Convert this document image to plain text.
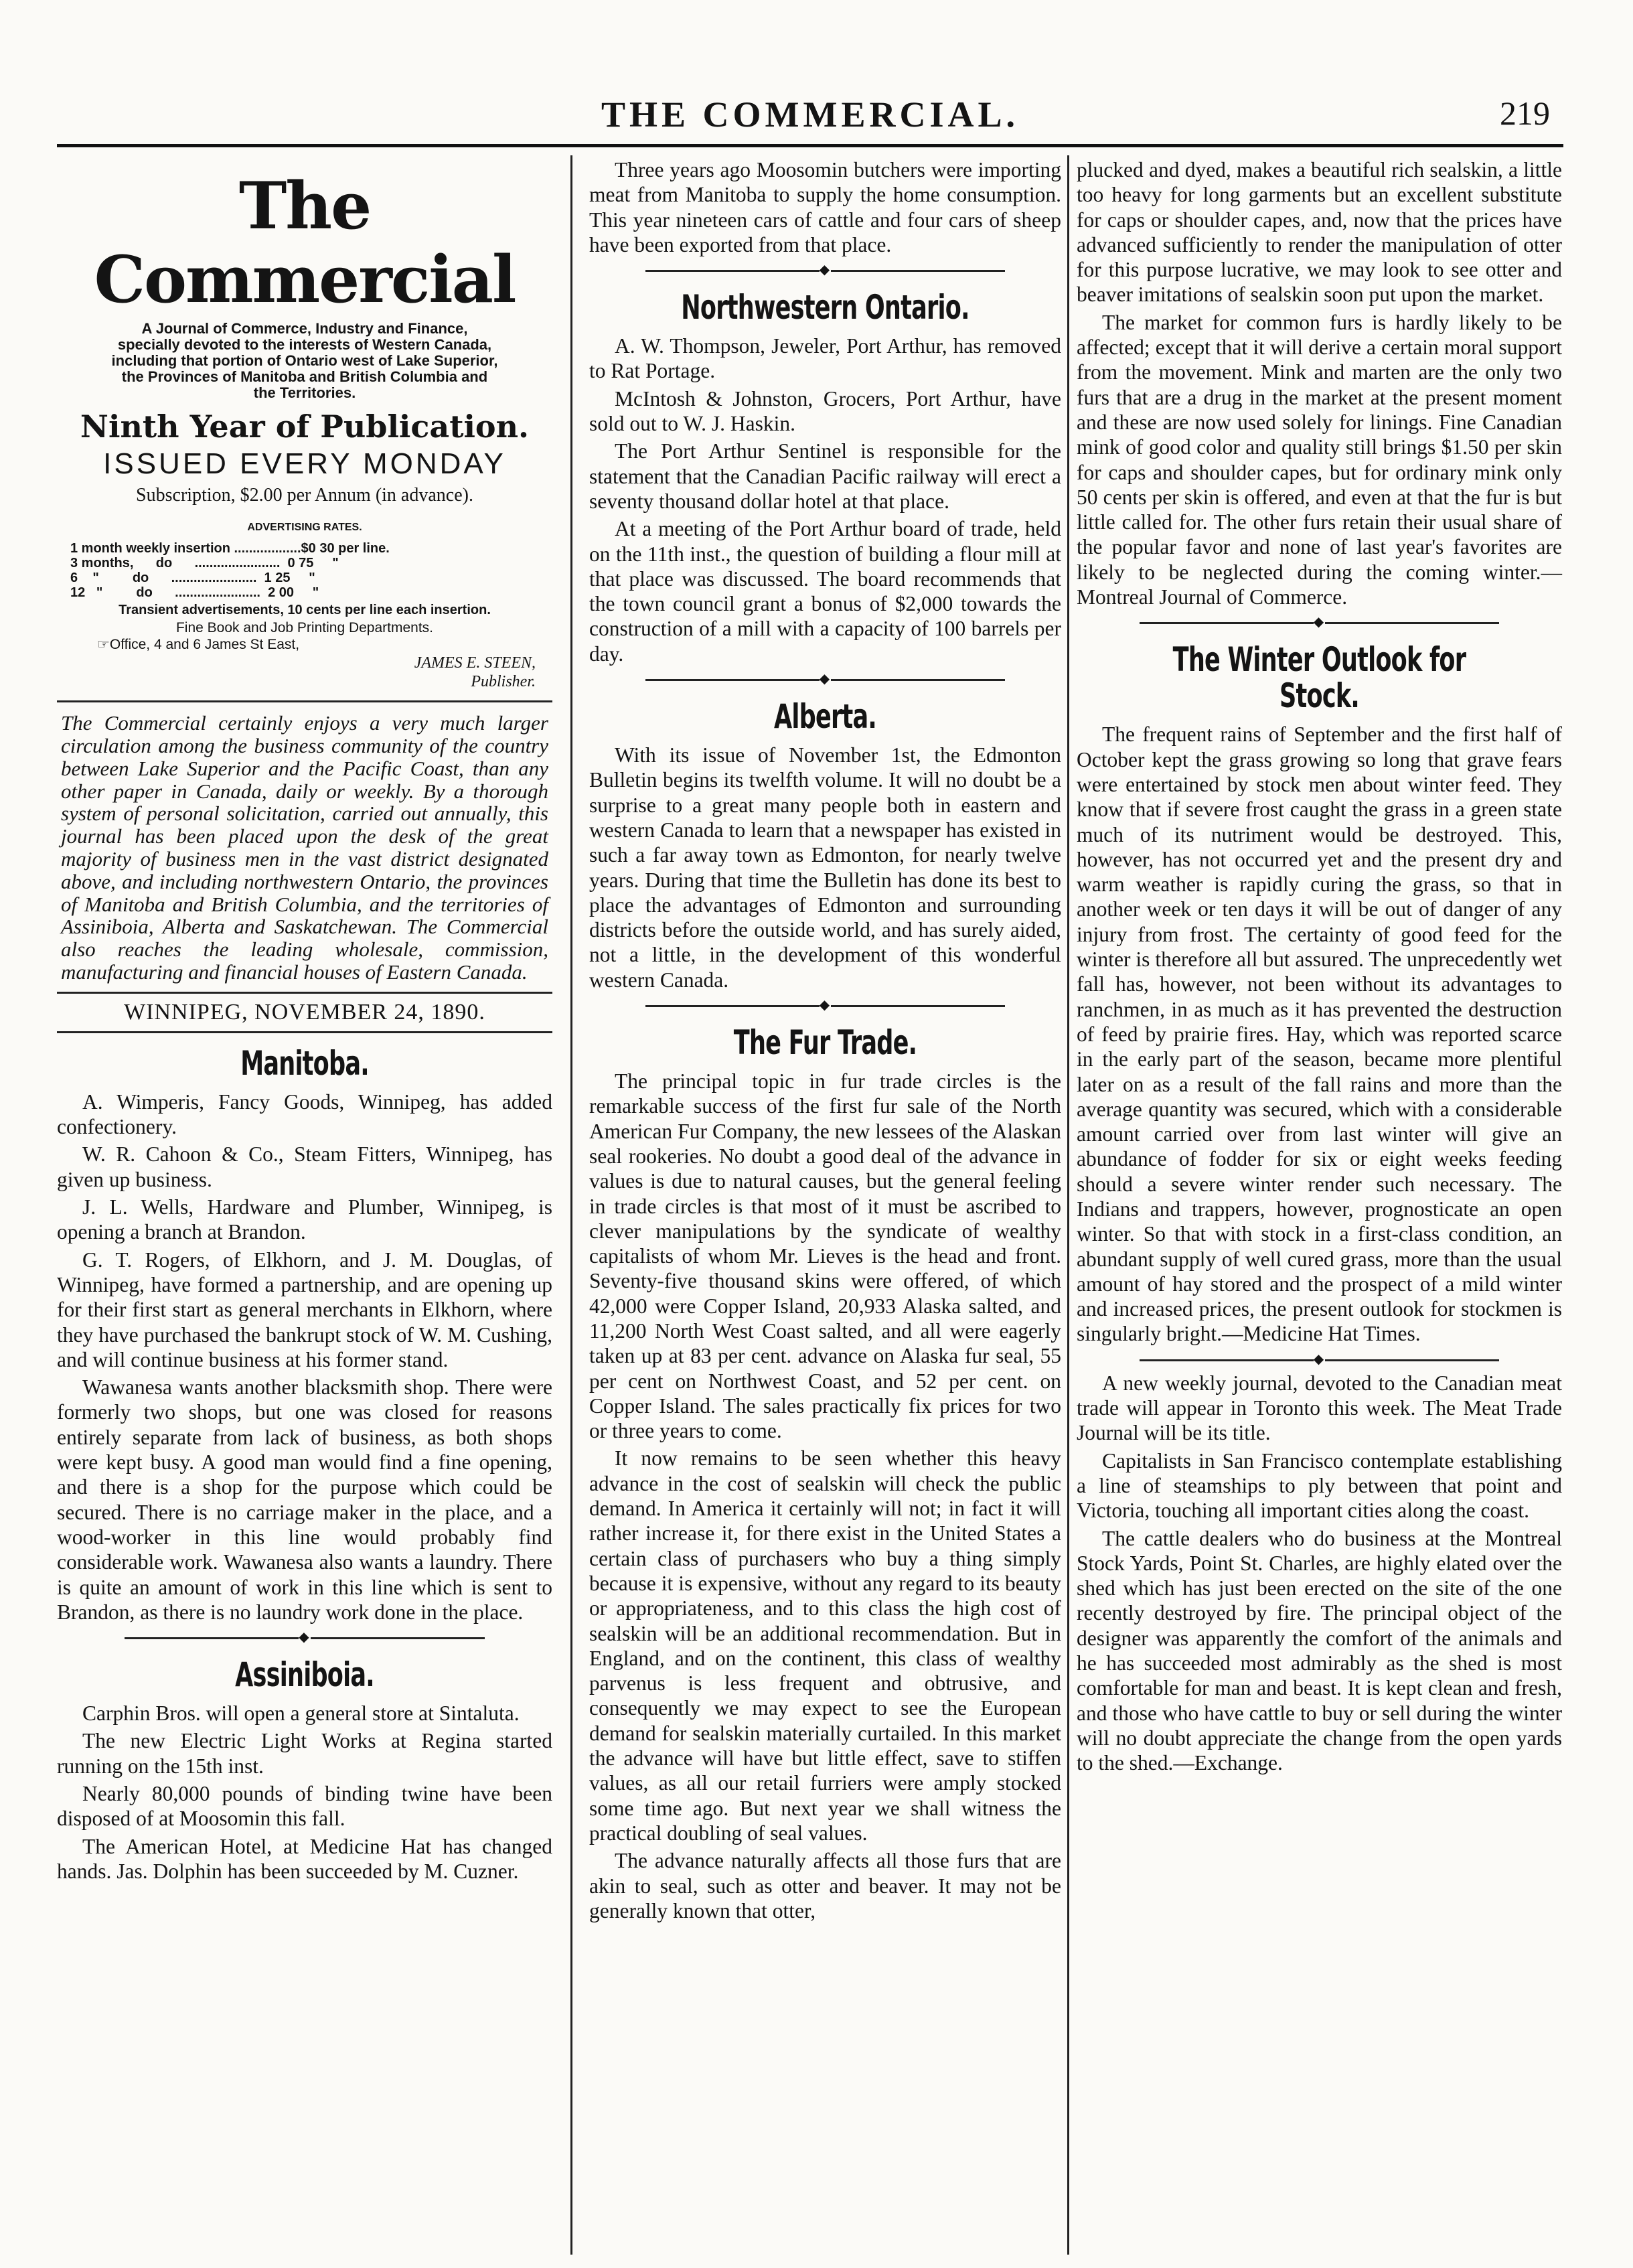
THE COMMERCIAL.	219
The Commercial
A Journal of Commerce, Industry and Finance, specially devoted to the interests of Western Canada, including that portion of Ontario west of Lake Superior, the Provinces of Manitoba and British Columbia and the Territories.
Ninth Year of Publication.
ISSUED EVERY MONDAY
Subscription, $2.00 per Annum (in advance).
ADVERTISING RATES.
1 month weekly insertion ..................$0 30 per line.
3 months,      do      .......................  0 75     "
6    "         do      .......................  1 25     "
12   "         do      .......................  2 00     "
Transient advertisements, 10 cents per line each insertion.
Fine Book and Job Printing Departments.
☞Office, 4 and 6 James St East,
JAMES E. STEEN,
Publisher.
The Commercial certainly enjoys a very much larger circulation among the business community of the country between Lake Superior and the Pacific Coast, than any other paper in Canada, daily or weekly. By a thorough system of personal solicitation, carried out annually, this journal has been placed upon the desk of the great majority of business men in the vast district designated above, and including northwestern Ontario, the provinces of Manitoba and British Columbia, and the territories of Assiniboia, Alberta and Saskatchewan. The Commercial also reaches the leading wholesale, commission, manufacturing and financial houses of Eastern Canada.
WINNIPEG, NOVEMBER 24, 1890.
Manitoba.

A. Wimperis, Fancy Goods, Winnipeg, has added confectionery.

W. R. Cahoon & Co., Steam Fitters, Winnipeg, has given up business.

J. L. Wells, Hardware and Plumber, Winnipeg, is opening a branch at Brandon.

G. T. Rogers, of Elkhorn, and J. M. Douglas, of Winnipeg, have formed a partnership, and are opening up for their first start as general merchants in Elkhorn, where they have purchased the bankrupt stock of W. M. Cushing, and will continue business at his former stand.

Wawanesa wants another blacksmith shop. There were formerly two shops, but one was closed for reasons entirely separate from lack of business, as both shops were kept busy. A good man would find a fine opening, and there is a shop for the purpose which could be secured. There is no carriage maker in the place, and a wood-worker in this line would probably find considerable work. Wawanesa also wants a laundry. There is quite an amount of work in this line which is sent to Brandon, as there is no laundry work done in the place.

◆
Assiniboia.

Carphin Bros. will open a general store at Sintaluta.

The new Electric Light Works at Regina started running on the 15th inst.

Nearly 80,000 pounds of binding twine have been disposed of at Moosomin this fall.

The American Hotel, at Medicine Hat has changed hands. Jas. Dolphin has been succeeded by M. Cuzner.

Three years ago Moosomin butchers were importing meat from Manitoba to supply the home consumption. This year nineteen cars of cattle and four cars of sheep have been exported from that place.

◆
Northwestern Ontario.

A. W. Thompson, Jeweler, Port Arthur, has removed to Rat Portage.

McIntosh & Johnston, Grocers, Port Arthur, have sold out to W. J. Haskin.

The Port Arthur Sentinel is responsible for the statement that the Canadian Pacific railway will erect a seventy thousand dollar hotel at that place.

At a meeting of the Port Arthur board of trade, held on the 11th inst., the question of building a flour mill at that place was discussed. The board recommends that the town council grant a bonus of $2,000 towards the construction of a mill with a capacity of 100 barrels per day.

◆
Alberta.

With its issue of November 1st, the Edmonton Bulletin begins its twelfth volume. It will no doubt be a surprise to a great many people both in eastern and western Canada to learn that a newspaper has existed in such a far away town as Edmonton, for nearly twelve years. During that time the Bulletin has done its best to place the advantages of Edmonton and surrounding districts before the outside world, and has surely aided, not a little, in the development of this wonderful western Canada.

◆
The Fur Trade.

The principal topic in fur trade circles is the remarkable success of the first fur sale of the North American Fur Company, the new lessees of the Alaskan seal rookeries. No doubt a good deal of the advance in values is due to natural causes, but the general feeling in trade circles is that most of it must be ascribed to clever manipulations by the syndicate of wealthy capitalists of whom Mr. Lieves is the head and front. Seventy-five thousand skins were offered, of which 42,000 were Copper Island, 20,933 Alaska salted, and 11,200 North West Coast salted, and all were eagerly taken up at 83 per cent. advance on Alaska fur seal, 55 per cent on Northwest Coast, and 52 per cent. on Copper Island. The sales practically fix prices for two or three years to come.

It now remains to be seen whether this heavy advance in the cost of sealskin will check the public demand. In America it certainly will not; in fact it will rather increase it, for there exist in the United States a certain class of purchasers who buy a thing simply because it is expensive, without any regard to its beauty or appropriateness, and to this class the high cost of sealskin will be an additional recommendation. But in England, and on the continent, this class of wealthy parvenus is less frequent and obtrusive, and consequently we may expect to see the European demand for sealskin materially curtailed. In this market the advance will have but little effect, save to stiffen values, as all our retail furriers were amply stocked some time ago. But next year we shall witness the practical doubling of seal values.

The advance naturally affects all those furs that are akin to seal, such as otter and beaver. It may not be generally known that otter,

plucked and dyed, makes a beautiful rich sealskin, a little too heavy for long garments but an excellent substitute for caps or shoulder capes, and, now that the prices have advanced sufficiently to render the manipulation of otter for this purpose lucrative, we may look to see otter and beaver imitations of sealskin soon put upon the market.

The market for common furs is hardly likely to be affected; except that it will derive a certain moral support from the movement. Mink and marten are the only two furs that are a drug in the market at the present moment and these are now used solely for linings. Fine Canadian mink of good color and quality still brings $1.50 per skin for caps and shoulder capes, but for ordinary mink only 50 cents per skin is offered, and even at that the fur is but little called for. The other furs retain their usual share of the popular favor and none of last year's favorites are likely to be neglected during the coming winter.—Montreal Journal of Commerce.

◆
The Winter Outlook for Stock.

The frequent rains of September and the first half of October kept the grass growing so long that grave fears were entertained by stock men about winter feed. They know that if severe frost caught the grass in a green state much of its nutriment would be destroyed. This, however, has not occurred yet and the present dry and warm weather is rapidly curing the grass, so that in another week or ten days it will be out of danger of any injury from frost. The certainty of good feed for the winter is therefore all but assured. The unprecedently wet fall has, however, not been without its advantages to ranchmen, in as much as it has prevented the destruction of feed by prairie fires. Hay, which was reported scarce in the early part of the season, became more plentiful later on as a result of the fall rains and more than the average quantity was secured, which with a considerable amount carried over from last winter will give an abundance of fodder for six or eight weeks feeding should a severe winter render such necessary. The Indians and trappers, however, prognosticate an open winter. So that with stock in a first-class condition, an abundant supply of well cured grass, more than the usual amount of hay stored and the prospect of a mild winter and increased prices, the present outlook for stockmen is singularly bright.—Medicine Hat Times.

◆

A new weekly journal, devoted to the Canadian meat trade will appear in Toronto this week. The Meat Trade Journal will be its title.

Capitalists in San Francisco contemplate establishing a line of steamships to ply between that point and Victoria, touching all important cities along the coast.

The cattle dealers who do business at the Montreal Stock Yards, Point St. Charles, are highly elated over the shed which has just been erected on the site of the one recently destroyed by fire. The principal object of the designer was apparently the comfort of the animals and he has succeeded most admirably as the shed is most comfortable for man and beast. It is kept clean and fresh, and those who have cattle to buy or sell during the winter will no doubt appreciate the change from the open yards to the shed.—Exchange.
